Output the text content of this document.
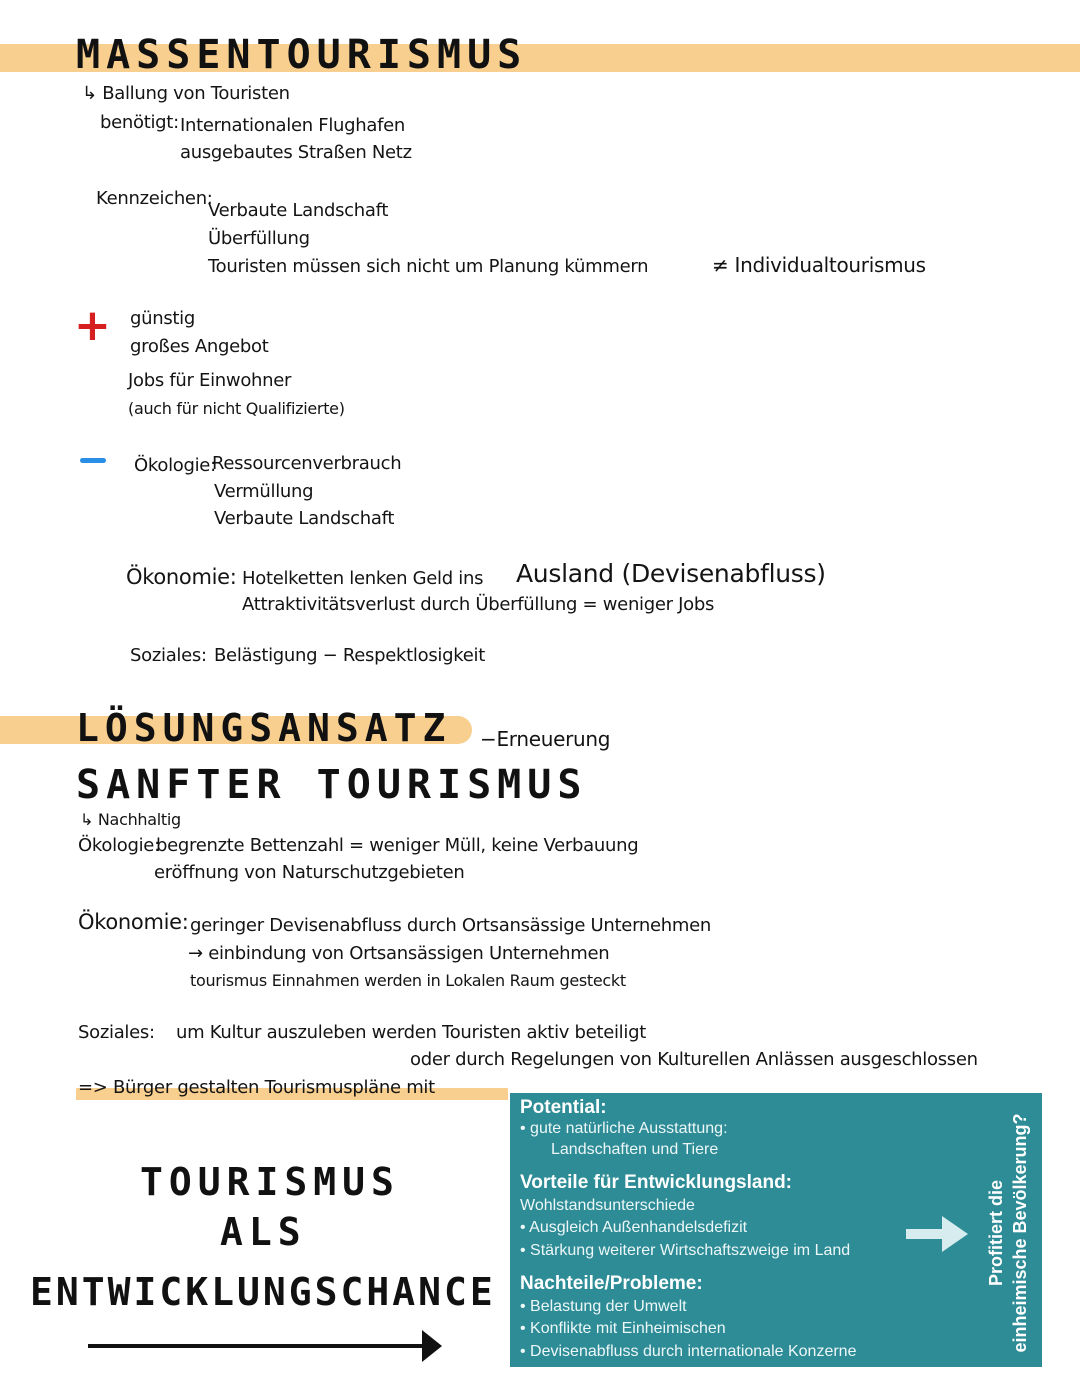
MASSENTOURISMUS
↳ Ballung von Touristen
benötigt: Internationalen Flughafen
ausgebautes Straßen Netz
Kennzeichen:
Verbaute Landschaft
Überfüllung
Touristen müssen sich nicht um Planung kümmern	≠ Individualtourismus
+ günstig
großes Angebot
Jobs für Einwohner
(auch für nicht Qualifizierte)
Ökologie:
Ressourcenverbrauch
Vermüllung
Verbaute Landschaft
Ökonomie: Hotelketten lenken Geld ins Ausland (Devisenabfluss)
Attraktivitätsverlust durch Überfüllung = weniger Jobs
Soziales: Belästigung − Respektlosigkeit
LÖSUNGSANSATZ −Erneuerung
SANFTER TOURISMUS
↳ Nachhaltig
Ökologie:
begrenzte Bettenzahl = weniger Müll, keine Verbauung
eröffnung von Naturschutzgebieten
Ökonomie: geringer Devisenabfluss durch Ortsansässige Unternehmen
→ einbindung von Ortsansässigen Unternehmen
tourismus Einnahmen werden in Lokalen Raum gesteckt
Soziales: um Kultur auszuleben werden Touristen aktiv beteiligt
oder durch Regelungen von Kulturellen Anlässen ausgeschlossen
=> Bürger gestalten Tourismuspläne mit
TOURISMUS
ALS
ENTWICKLUNGSCHANCE
Potential:
• gute natürliche Ausstattung:
Landschaften und Tiere
Vorteile für Entwicklungsland:
Wohlstandsunterschiede
• Ausgleich Außenhandelsdefizit
• Stärkung weiterer Wirtschaftszweige im Land
Nachteile/Probleme:
• Belastung der Umwelt
• Konflikte mit Einheimischen
• Devisenabfluss durch internationale Konzerne
Profitiert die einheimische Bevölkerung?
